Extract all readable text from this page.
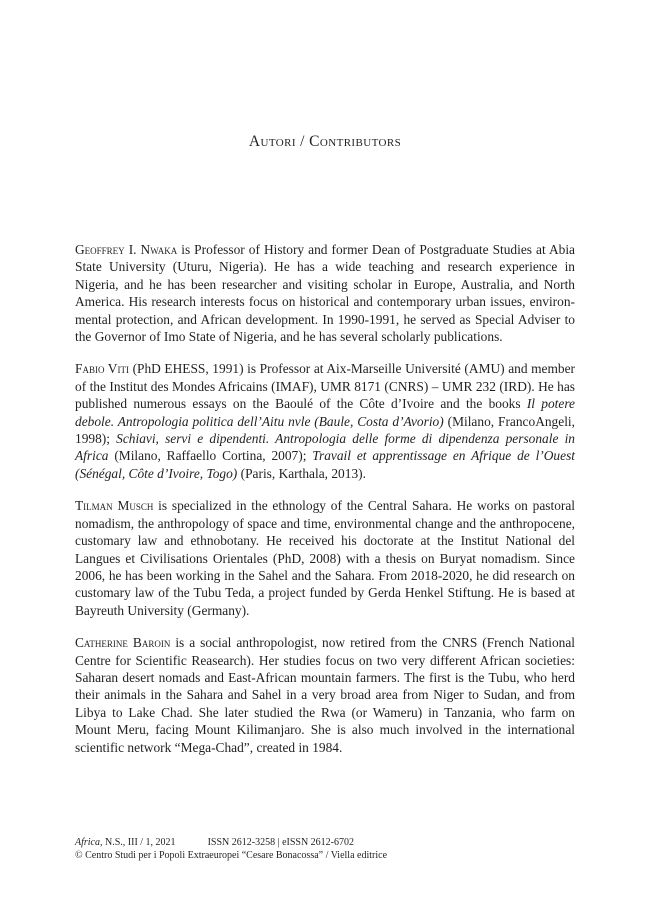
Autori / Contributors

Geoffrey I. Nwaka is Professor of History and former Dean of Postgraduate Studies at Abia State University (Uturu, Nigeria). He has a wide teaching and research experience in Nigeria, and he has been researcher and visiting scholar in Europe, Australia, and North America. His research interests focus on historical and contemporary urban issues, environmental protection, and African development. In 1990-1991, he served as Special Adviser to the Governor of Imo State of Nigeria, and he has several scholarly publications.

Fabio Viti (PhD EHESS, 1991) is Professor at Aix-Marseille Université (AMU) and member of the Institut des Mondes Africains (IMAF), UMR 8171 (CNRS) – UMR 232 (IRD). He has published numerous essays on the Baoulé of the Côte d’Ivoire and the books Il potere debole. Antropologia politica dell’Aitu nvle (Baule, Costa d’Avorio) (Milano, FrancoAngeli, 1998); Schiavi, servi e dipendenti. Antropologia delle forme di dipendenza personale in Africa (Milano, Raffaello Cortina, 2007); Travail et apprentissage en Afrique de l’Ouest (Sénégal, Côte d’Ivoire, Togo) (Paris, Karthala, 2013).

Tilman Musch is specialized in the ethnology of the Central Sahara. He works on pastoral nomadism, the anthropology of space and time, environmental change and the anthropocene, customary law and ethnobotany. He received his doctorate at the Institut National del Langues et Civilisations Orientales (PhD, 2008) with a thesis on Buryat nomadism. Since 2006, he has been working in the Sahel and the Sahara. From 2018-2020, he did research on customary law of the Tubu Teda, a project funded by Gerda Henkel Stiftung. He is based at Bayreuth University (Germany).

Catherine Baroin is a social anthropologist, now retired from the CNRS (French National Centre for Scientific Reasearch). Her studies focus on two very different African societies: Saharan desert nomads and East-African mountain farmers. The first is the Tubu, who herd their animals in the Sahara and Sahel in a very broad area from Niger to Sudan, and from Libya to Lake Chad. She later studied the Rwa (or Wameru) in Tanzania, who farm on Mount Meru, facing Mount Kilimanjaro. She is also much involved in the international scientific network “Mega-Chad”, created in 1984.

Africa, N.S., III / 1, 2021	ISSN 2612-3258 | eISSN 2612-6702
© Centro Studi per i Popoli Extraeuropei “Cesare Bonacossa” / Viella editrice
